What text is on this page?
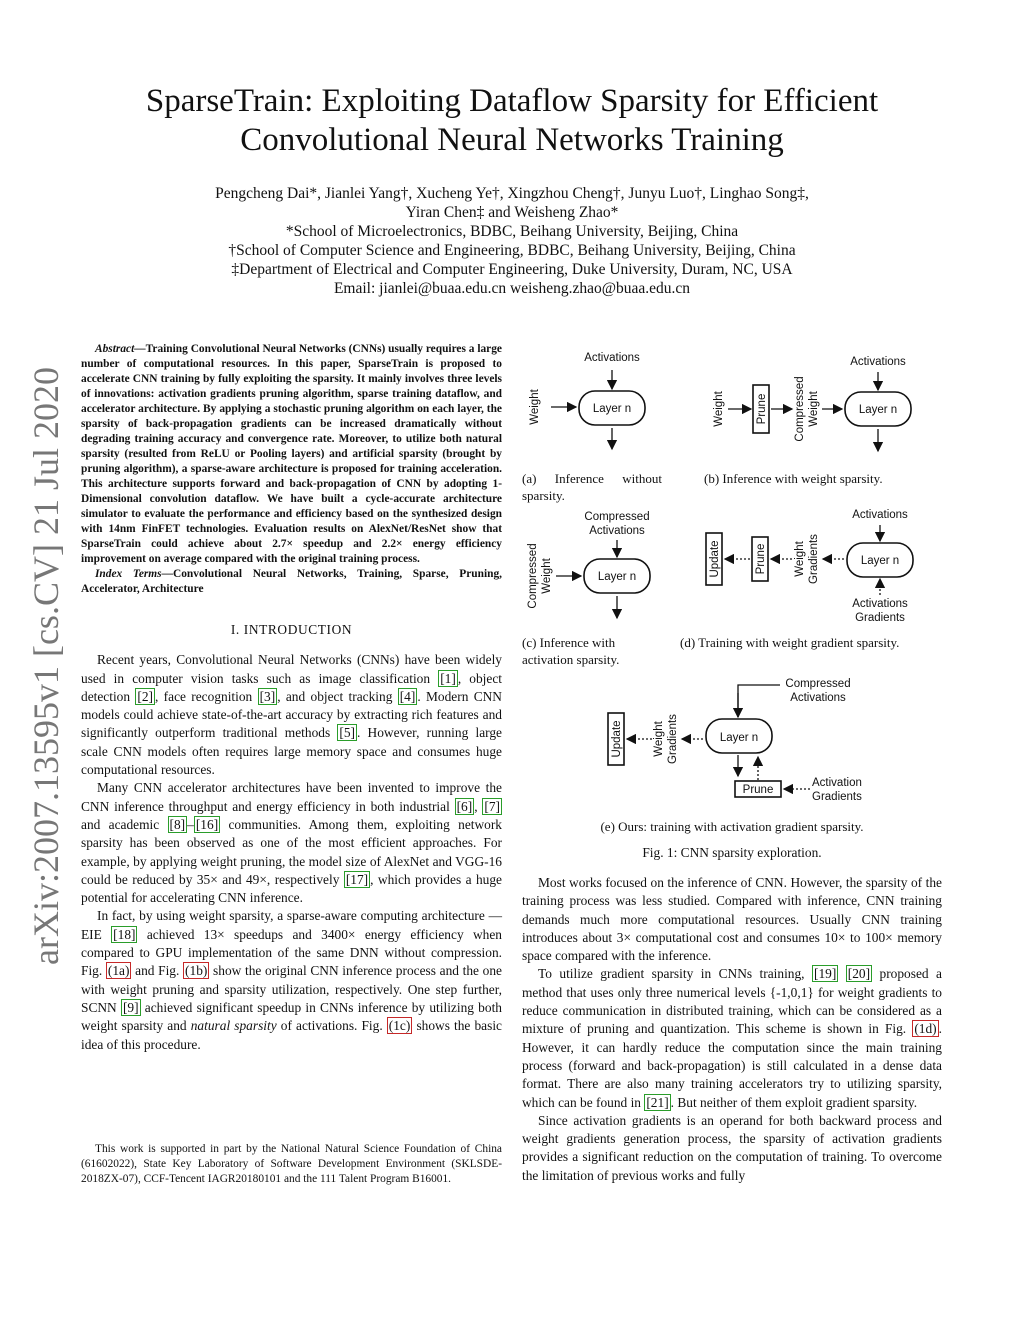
arXiv:2007.13595v1 [cs.CV] 21 Jul 2020
SparseTrain: Exploiting Dataflow Sparsity for Efficient
Convolutional Neural Networks Training
Pengcheng Dai*, Jianlei Yang†, Xucheng Ye†, Xingzhou Cheng†, Junyu Luo†, Linghao Song‡,
Yiran Chen‡ and Weisheng Zhao*
*School of Microelectronics, BDBC, Beihang University, Beijing, China
†School of Computer Science and Engineering, BDBC, Beihang University, Beijing, China
‡Department of Electrical and Computer Engineering, Duke University, Duram, NC, USA
Email: jianlei@buaa.edu.cn weisheng.zhao@buaa.edu.cn

Abstract—Training Convolutional Neural Networks (CNNs) usually requires a large number of computational resources. In this paper, SparseTrain is proposed to accelerate CNN training by fully exploiting the sparsity. It mainly involves three levels of innovations: activation gradients pruning algorithm, sparse training dataflow, and accelerator architecture. By applying a stochastic pruning algorithm on each layer, the sparsity of back-propagation gradients can be increased dramatically without degrading training accuracy and convergence rate. Moreover, to utilize both natural sparsity (resulted from ReLU or Pooling layers) and artificial sparsity (brought by pruning algorithm), a sparse-aware architecture is proposed for training acceleration. This architecture supports forward and back-propagation of CNN by adopting 1-Dimensional convolution dataflow. We have built a cycle-accurate architecture simulator to evaluate the performance and efficiency based on the synthesized design with 14nm FinFET technologies. Evaluation results on AlexNet/ResNet show that SparseTrain could achieve about 2.7× speedup and 2.2× energy efficiency improvement on average compared with the original training process.

Index Terms—Convolutional Neural Networks, Training, Sparse, Pruning, Accelerator, Architecture

I. INTRODUCTION

Recent years, Convolutional Neural Networks (CNNs) have been widely used in computer vision tasks such as image classification [1] , object detection [2] , face recognition [3] , and object tracking [4] . Modern CNN models could achieve state-of-the-art accuracy by extracting rich features and significantly outperform traditional methods [5] . However, running large scale CNN models often requires large memory space and consumes huge computational resources.

Many CNN accelerator architectures have been invented to improve the CNN inference throughput and energy efficiency in both industrial [6] , [7] and academic [8] – [16] communities. Among them, exploiting network sparsity has been observed as one of the most efficient approaches. For example, by applying weight pruning, the model size of AlexNet and VGG-16 could be reduced by 35× and 49×, respectively [17] , which provides a huge potential for accelerating CNN inference.

In fact, by using weight sparsity, a sparse-aware computing architecture — EIE [18] achieved 13× speedups and 3400× energy efficiency when compared to GPU implementation of the same DNN without compression. Fig. (1a) and Fig. (1b) show the original CNN inference process and the one with weight pruning and sparsity utilization, respectively. One step further, SCNN [9] achieved significant speedup in CNNs inference by utilizing both weight sparsity and natural sparsity of activations. Fig. (1c) shows the basic idea of this procedure.

This work is supported in part by the National Natural Science Foundation of China (61602022), State Key Laboratory of Software Development Environment (SKLSDE-2018ZX-07), CCF-Tencent IAGR20180101 and the 111 Talent Program B16001.

Activations
Layer n
Weight
Activations
Layer n
Weight	Prune Compressed Weight
Compressed
Activations
Layer n
Compressed Weight
Activations
Layer n
Activations
Gradients
Update	Prune Weight Gradients
Compressed
Activations
Layer n
Prune
Activation
Gradients
Update	Weight Gradients
(a) Inference without sparsity.
(b) Inference with weight sparsity.
(c) Inference with activation sparsity.
(d) Training with weight gradient sparsity.
(e) Ours: training with activation gradient sparsity.
Fig. 1: CNN sparsity exploration.

Most works focused on the inference of CNN. However, the sparsity of the training process was less studied. Compared with inference, CNN training demands much more computational resources. Usually CNN training introduces about 3× computational cost and consumes 10× to 100× memory space compared with the inference.

To utilize gradient sparsity in CNNs training, [19] [20] proposed a method that uses only three numerical levels {-1,0,1} for weight gradients to reduce communication in distributed training, which can be considered as a mixture of pruning and quantization. This scheme is shown in Fig. (1d) . However, it can hardly reduce the computation since the main training process (forward and back-propagation) is still calculated in a dense data format. There are also many training accelerators try to utilizing sparsity, which can be found in [21] . But neither of them exploit gradient sparsity.

Since activation gradients is an operand for both backward process and weight gradients generation process, the sparsity of activation gradients provides a significant reduction on the computation of training. To overcome the limitation of previous works and fully
